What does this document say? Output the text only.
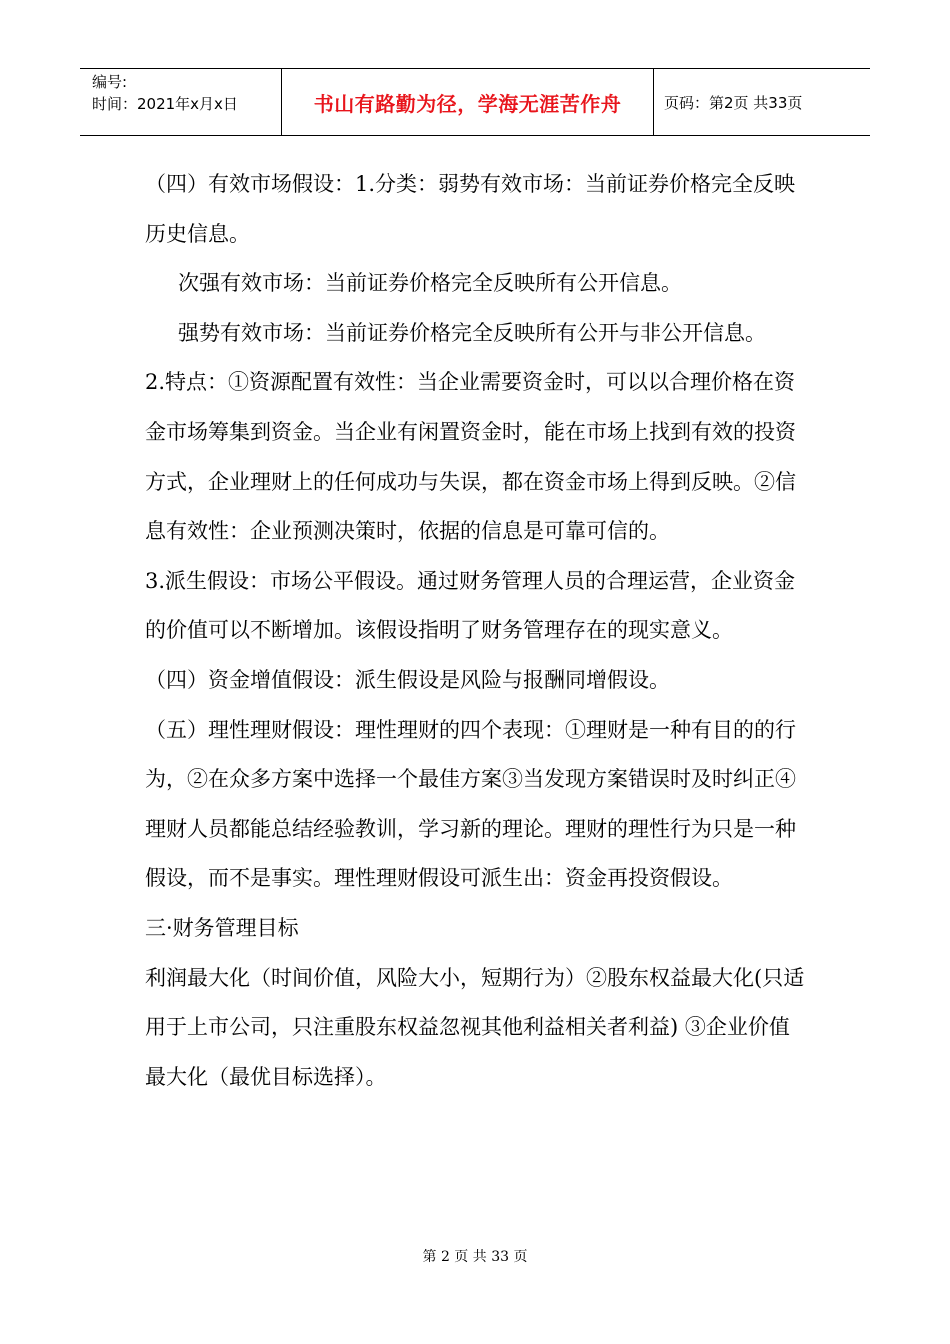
编号:
时间：2021年x月x日	书山有路勤为径，学海无涯苦作舟	页码：第2页 共33页

（四）有效市场假设：1.分类：弱势有效市场：当前证券价格完全反映历史信息。

次强有效市场：当前证券价格完全反映所有公开信息。

强势有效市场：当前证券价格完全反映所有公开与非公开信息。

2.特点：①资源配置有效性：当企业需要资金时，可以以合理价格在资金市场筹集到资金。当企业有闲置资金时，能在市场上找到有效的投资方式，企业理财上的任何成功与失误，都在资金市场上得到反映。②信息有效性：企业预测决策时，依据的信息是可靠可信的。

3.派生假设：市场公平假设。通过财务管理人员的合理运营，企业资金的价值可以不断增加。该假设指明了财务管理存在的现实意义。

（四）资金增值假设：派生假设是风险与报酬同增假设。

（五）理性理财假设：理性理财的四个表现：①理财是一种有目的的行为，②在众多方案中选择一个最佳方案③当发现方案错误时及时纠正④理财人员都能总结经验教训，学习新的理论。理财的理性行为只是一种假设，而不是事实。理性理财假设可派生出：资金再投资假设。

三·财务管理目标

利润最大化（时间价值，风险大小，短期行为）②股东权益最大化(只适用于上市公司，只注重股东权益忽视其他利益相关者利益) ③企业价值最大化（最优目标选择）。

第 2 页 共 33 页
